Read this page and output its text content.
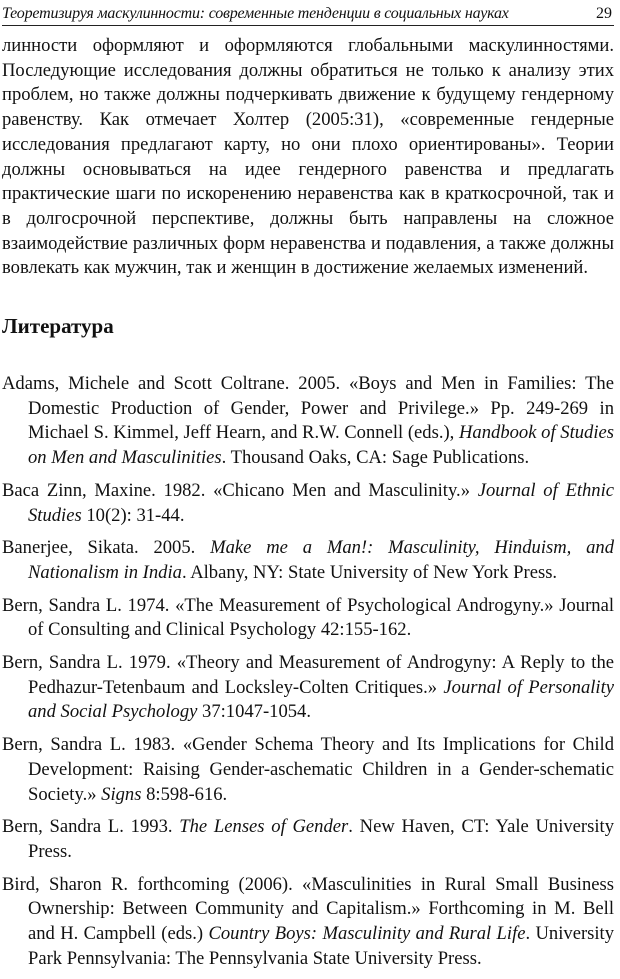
Теоретизируя маскулинности: современные тенденции в социальных науках	29

линности оформляют и оформляются глобальными маскулинностями. Последующие исследования должны обратиться не только к анализу этих проблем, но также должны подчеркивать движение к будущему гендерному равенству. Как отмечает Холтер (2005:31), «современные гендерные исследования предлагают карту, но они плохо ориентированы». Теории должны основываться на идее гендерного равенства и предлагать практические шаги по искоренению неравенства как в краткосрочной, так и в долгосрочной перспективе, должны быть направлены на сложное взаимодействие различных форм неравенства и подавления, а также должны вовлекать как мужчин, так и женщин в достижение желаемых изменений.

Литература
Adams, Michele and Scott Coltrane. 2005. «Boys and Men in Families: The Domestic Production of Gender, Power and Privilege.» Pp. 249-269 in Michael S. Kimmel, Jeff Hearn, and R.W. Connell (eds.), Handbook of Studies on Men and Masculinities. Thousand Oaks, CA: Sage Publications.
Baca Zinn, Maxine. 1982. «Chicano Men and Masculinity.» Journal of Ethnic Studies 10(2): 31-44.
Banerjee, Sikata. 2005. Make me a Man!: Masculinity, Hinduism, and Nationalism in India. Albany, NY: State University of New York Press.
Bern, Sandra L. 1974. «The Measurement of Psychological Androgyny.» Journal of Consulting and Clinical Psychology 42:155-162.
Bern, Sandra L. 1979. «Theory and Measurement of Androgyny: A Reply to the Pedhazur-Tetenbaum and Locksley-Colten Critiques.» Journal of Personality and Social Psychology 37:1047-1054.
Bern, Sandra L. 1983. «Gender Schema Theory and Its Implications for Child Development: Raising Gender-aschematic Children in a Gender-schematic Society.» Signs 8:598-616.
Bern, Sandra L. 1993. The Lenses of Gender. New Haven, CT: Yale University Press.
Bird, Sharon R. forthcoming (2006). «Masculinities in Rural Small Business Ownership: Between Community and Capitalism.» Forthcoming in M. Bell and H. Campbell (eds.) Country Boys: Masculinity and Rural Life. University Park Pennsylvania: The Pennsylvania State University Press.
